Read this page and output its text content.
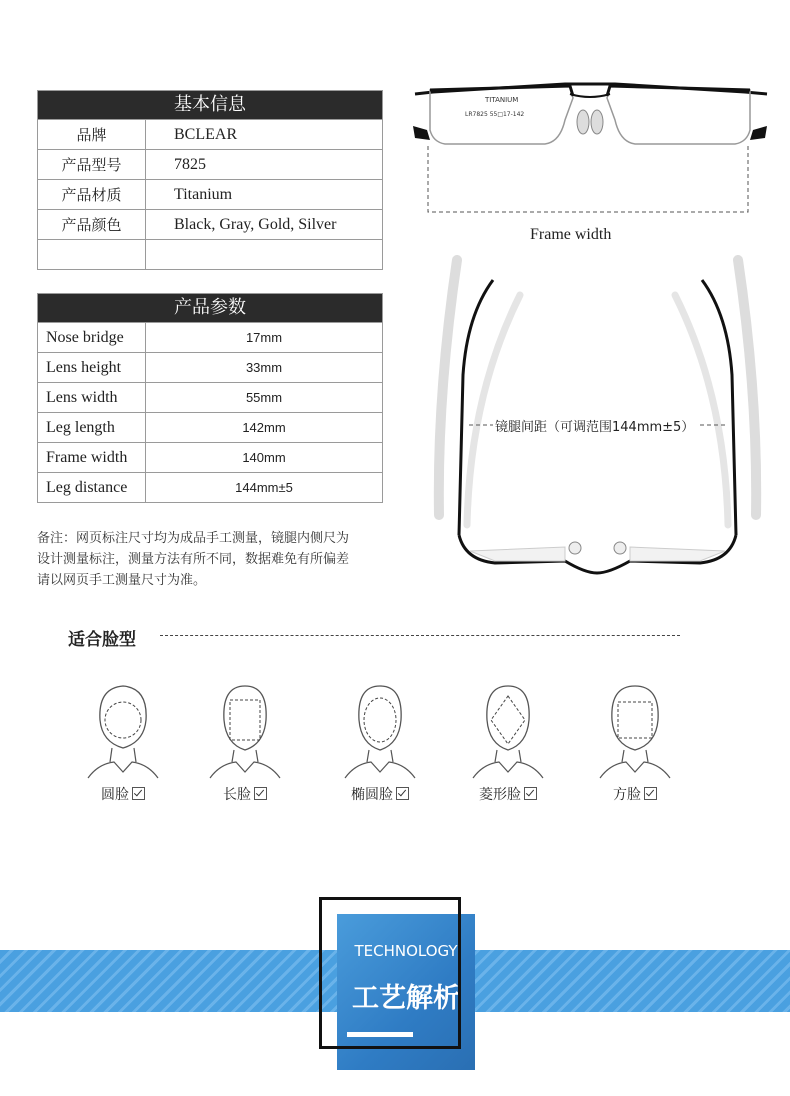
基本信息
品牌	BCLEAR
产品型号	7825
产品材质	Titanium
产品颜色	Black, Gray, Gold, Silver
产品参数
Nose bridge	17mm
Lens height	33mm
Lens width	55mm
Leg length	142mm
Frame width	140mm
Leg distance	144mm±5
备注：网页标注尺寸均为成品手工测量，镜腿内侧尺为
设计测量标注，测量方法有所不同，数据难免有所偏差
请以网页手工测量尺寸为准。
TITANIUM
LR7825 55□17-142
Frame width
镜腿间距（可调范围144mm±5）
适合脸型
圆脸	长脸	椭圆脸	菱形脸	方脸
TECHNOLOGY
工艺解析
